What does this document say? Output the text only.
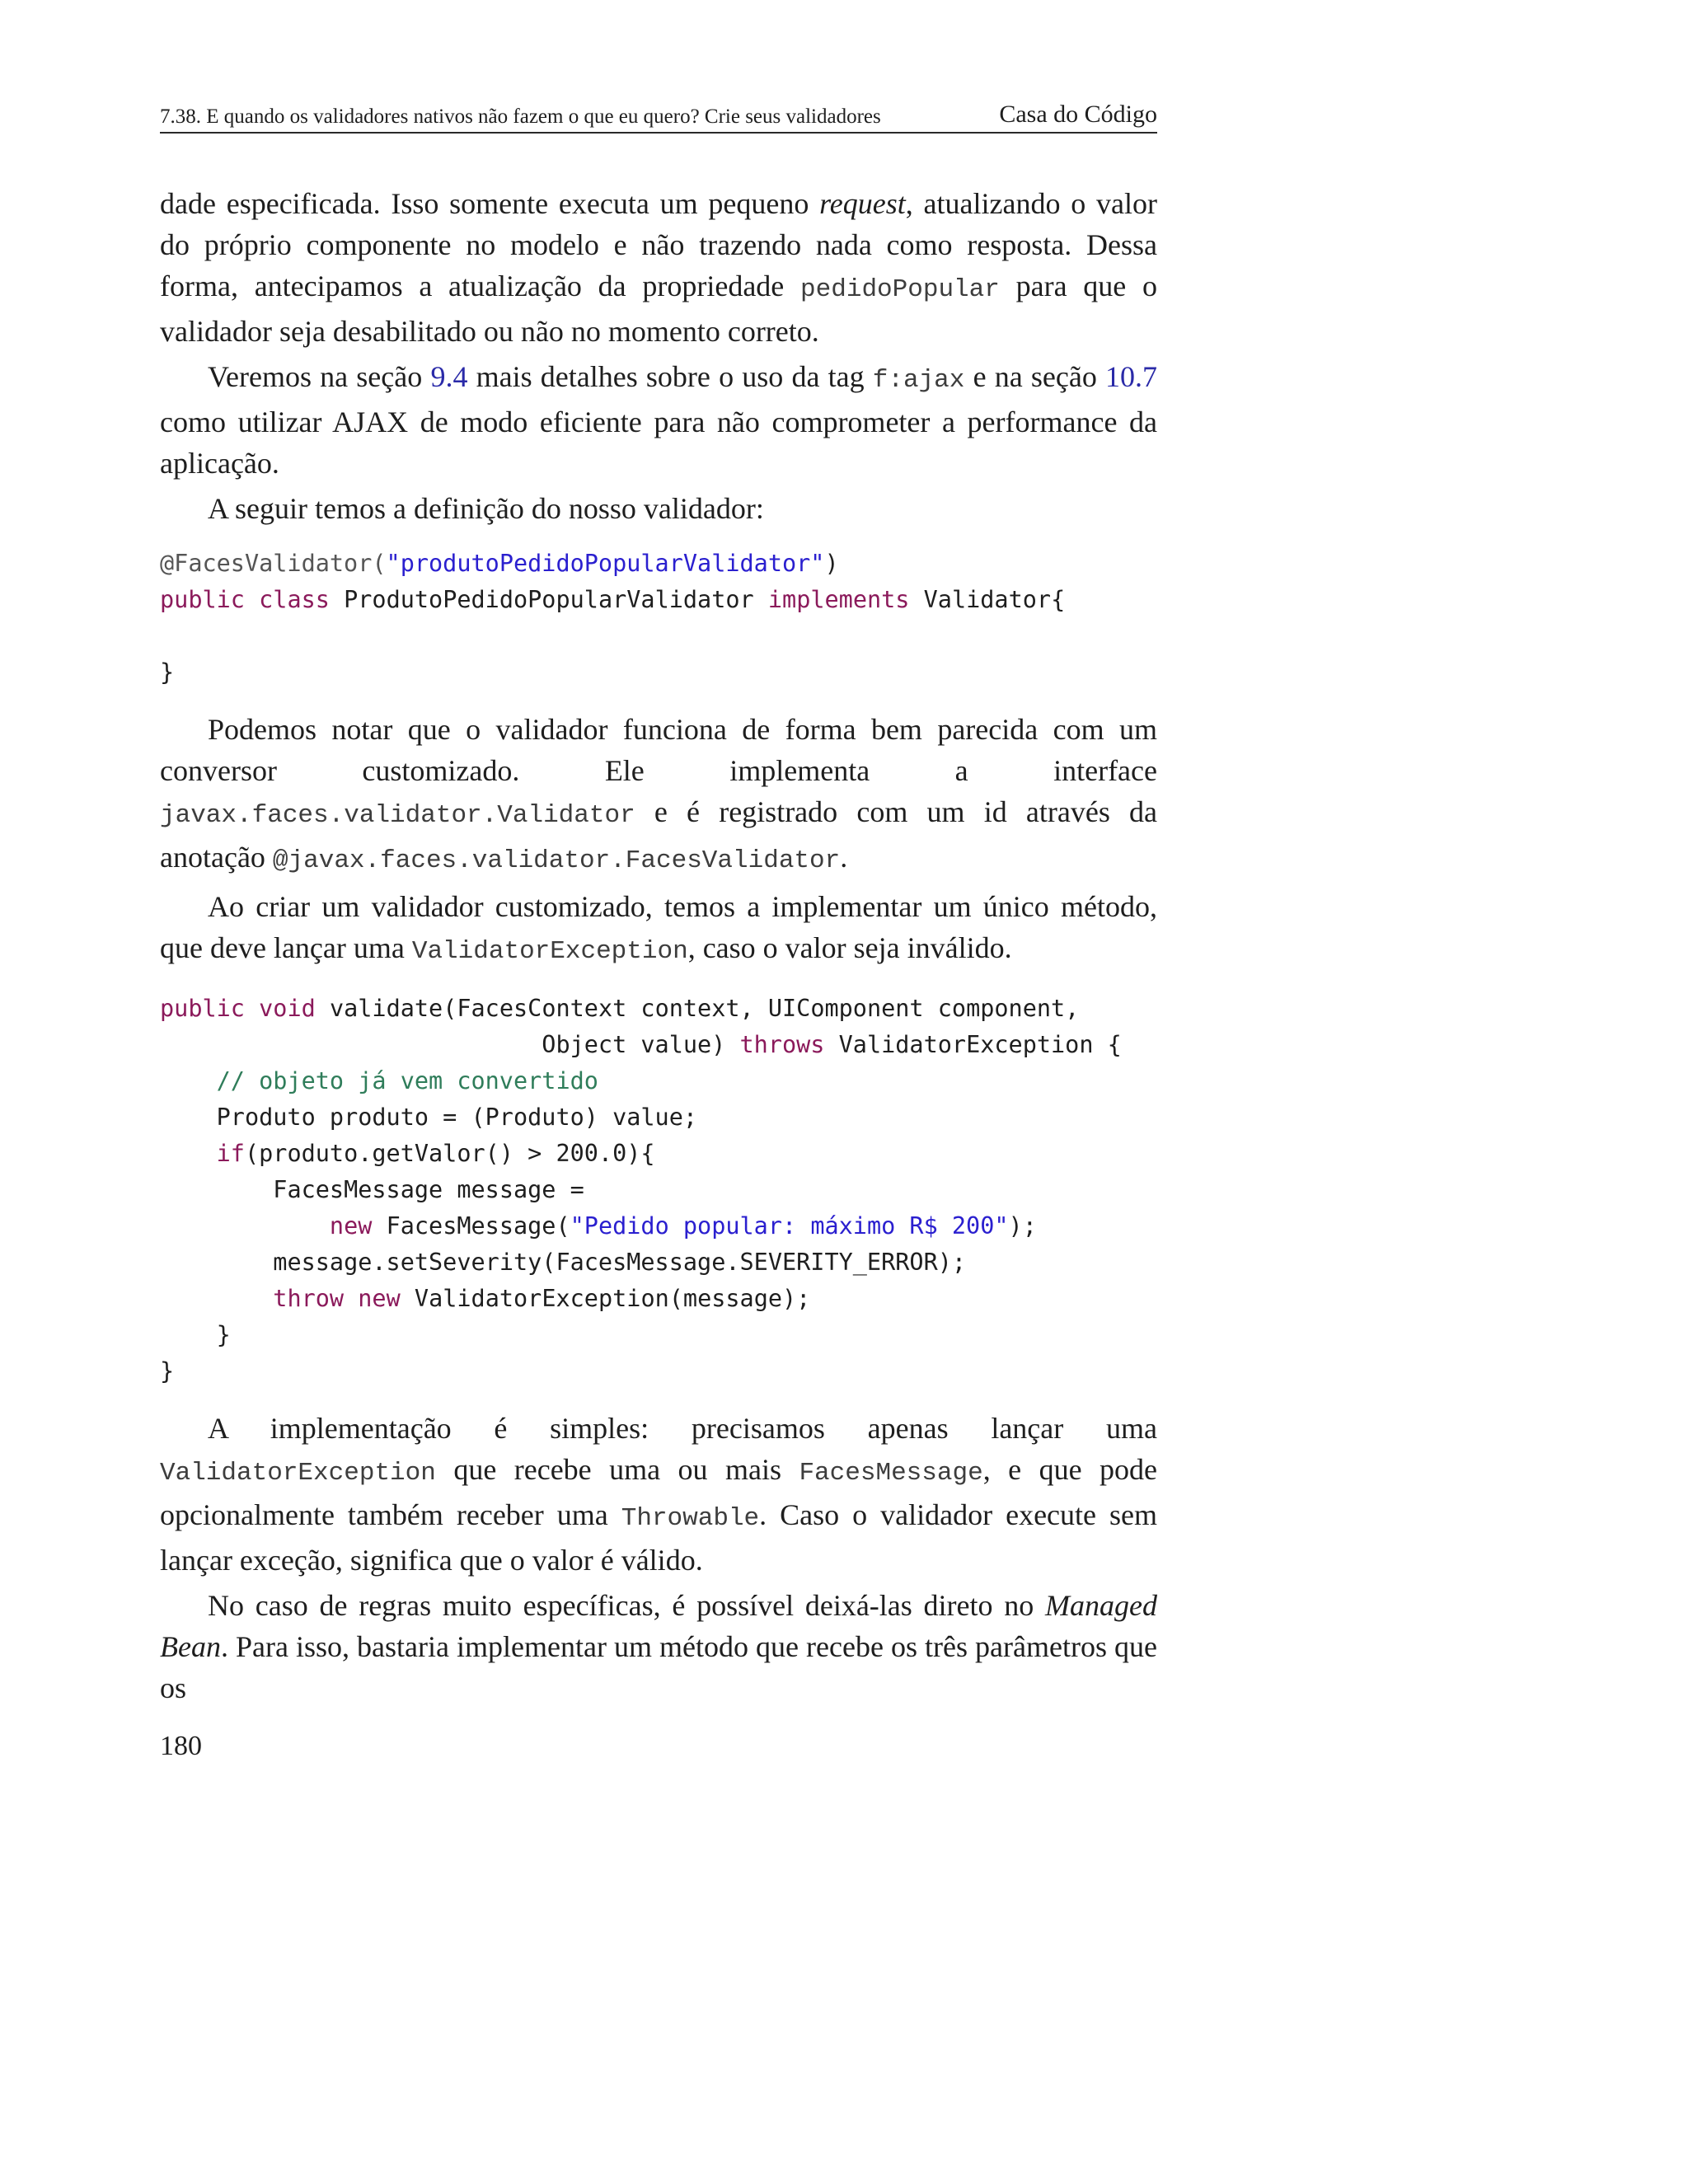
7.38. E quando os validadores nativos não fazem o que eu quero? Crie seus validadores	Casa do Código

dade especificada. Isso somente executa um pequeno request, atualizando o valor do próprio componente no modelo e não trazendo nada como resposta. Dessa forma, antecipamos a atualização da propriedade pedidoPopular para que o validador seja desabilitado ou não no momento correto.

Veremos na seção 9.4 mais detalhes sobre o uso da tag f:ajax e na seção 10.7 como utilizar AJAX de modo eficiente para não comprometer a performance da aplicação.

A seguir temos a definição do nosso validador:

@FacesValidator("produtoPedidoPopularValidator")
public class ProdutoPedidoPopularValidator implements Validator{

}

Podemos notar que o validador funciona de forma bem parecida com um conversor customizado. Ele implementa a interface javax.faces.validator.Validator e é registrado com um id através da anotação @javax.faces.validator.FacesValidator.

Ao criar um validador customizado, temos a implementar um único método, que deve lançar uma ValidatorException, caso o valor seja inválido.

public void validate(FacesContext context, UIComponent component,
Object value) throws ValidatorException {
// objeto já vem convertido
Produto produto = (Produto) value;
if(produto.getValor() > 200.0){
FacesMessage message =
new FacesMessage("Pedido popular: máximo R$ 200");
message.setSeverity(FacesMessage.SEVERITY_ERROR);
throw new ValidatorException(message);
}
}

A implementação é simples: precisamos apenas lançar uma ValidatorException que recebe uma ou mais FacesMessage, e que pode opcionalmente também receber uma Throwable. Caso o validador execute sem lançar exceção, significa que o valor é válido.

No caso de regras muito específicas, é possível deixá-las direto no Managed Bean. Para isso, bastaria implementar um método que recebe os três parâmetros que os

180
